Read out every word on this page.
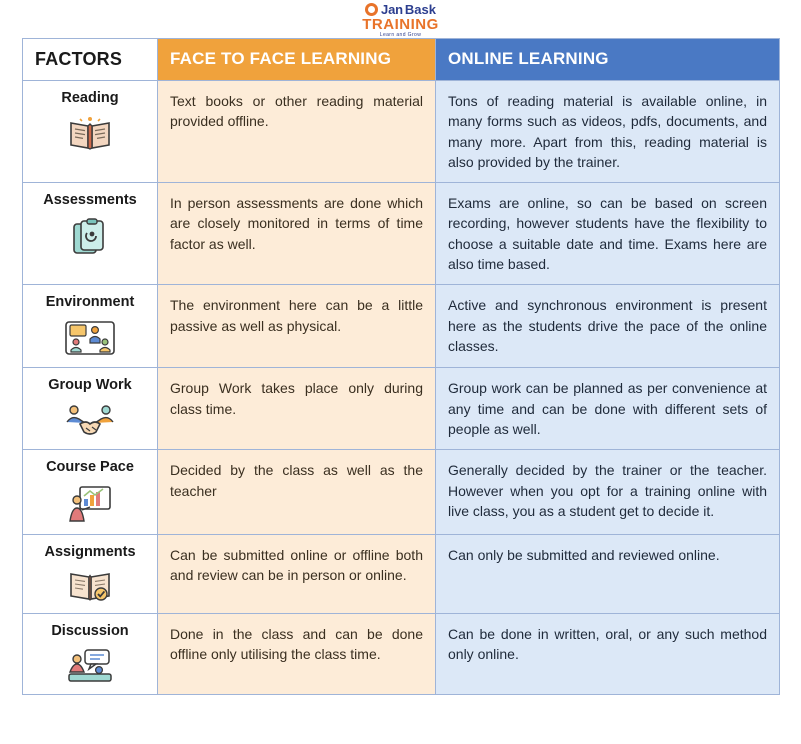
Jan Bask
TRAINING
Learn and Grow
FACTORS	FACE TO FACE LEARNING	ONLINE LEARNING

Reading	Text books or other reading material provided offline.	Tons of reading material is available online, in many forms such as videos, pdfs, documents, and many more. Apart from this, reading material is also provided by the trainer.

Assessments	In person assessments are done which are closely monitored in terms of time factor as well.	Exams are online, so can be based on screen recording, however students have the flexibility to choose a suitable date and time. Exams here are also time based.

Environment	The environment here can be a little passive as well as physical.	Active and synchronous environment is present here as the students drive the pace of the online classes.

Group Work	Group Work takes place only during class time.	Group work can be planned as per convenience at any time and can be done with different sets of people as well.

Course Pace	Decided by the class as well as the teacher	Generally decided by the trainer or the teacher. However when you opt for a training online with live class, you as a student get to decide it.

Assignments	Can be submitted online or offline both and review can be in person or online.	Can only be submitted and reviewed online.

Discussion	Done in the class and can be done offline only utilising the class time.	Can be done in written, oral, or any such method only online.
